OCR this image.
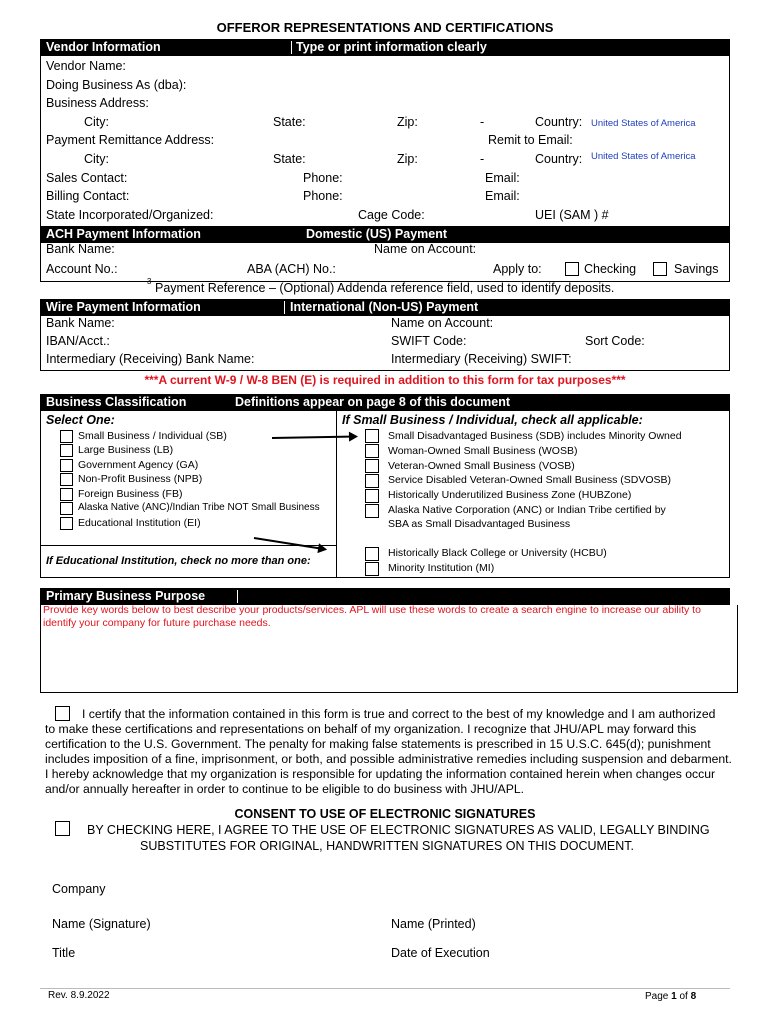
OFFEROR REPRESENTATIONS AND CERTIFICATIONS
Vendor Information	Type or print information clearly
Vendor Name:
Doing Business As (dba):
Business Address:
City:	State:	Zip:	-	Country: United States of America
Payment Remittance Address:	Remit to Email:
City:	State:	Zip:	-	Country: United States of America
Sales Contact:	Phone:	Email:
Billing Contact:	Phone:	Email:
State Incorporated/Organized:	Cage Code:	UEI (SAM ) #
ACH Payment Information	Domestic (US) Payment
Bank Name:	Name on Account:
Account No.:	ABA (ACH) No.:	Apply to:	Checking	Savings
3 Payment Reference – (Optional) Addenda reference field, used to identify deposits.
Wire Payment Information	International (Non-US) Payment
Bank Name:	Name on Account:
IBAN/Acct.:	SWIFT Code:	Sort Code:
Intermediary (Receiving) Bank Name:	Intermediary (Receiving) SWIFT:
***A current W-9 / W-8 BEN (E) is required in addition to this form for tax purposes***
Business Classification	Definitions appear on page 8 of this document
Select One:	If Small Business / Individual, check all applicable:
Small Business / Individual (SB)
Large Business (LB)
Government Agency (GA)
Non-Profit Business (NPB)
Foreign Business (FB)
Alaska Native (ANC)/Indian Tribe NOT Small Business
Educational Institution (EI)
Small Disadvantaged Business (SDB) includes Minority Owned
Woman-Owned Small Business (WOSB)
Veteran-Owned Small Business (VOSB)
Service Disabled Veteran-Owned Small Business (SDVOSB)
Historically Underutilized Business Zone (HUBZone)
Alaska Native Corporation (ANC) or Indian Tribe certified by
SBA as Small Disadvantaged Business
If Educational Institution, check no more than one:
Historically Black College or University (HCBU)
Minority Institution (MI)
Primary Business Purpose
Provide key words below to best describe your products/services. APL will use these words to create a search engine to increase our ability to identify your company for future purchase needs.
I certify that the information contained in this form is true and correct to the best of my knowledge and I am authorized
to make these certifications and representations on behalf of my organization. I recognize that JHU/APL may forward this certification to the U.S. Government. The penalty for making false statements is prescribed in 15 U.S.C. 645(d); punishment includes imposition of a fine, imprisonment, or both, and possible administrative remedies including suspension and debarment. I hereby acknowledge that my organization is responsible for updating the information contained herein when changes occur and/or annually hereafter in order to continue to be eligible to do business with JHU/APL.
CONSENT TO USE OF ELECTRONIC SIGNATURES
BY CHECKING HERE, I AGREE TO THE USE OF ELECTRONIC SIGNATURES AS VALID, LEGALLY BINDING
SUBSTITUTES FOR ORIGINAL, HANDWRITTEN SIGNATURES ON THIS DOCUMENT.
Company
Name (Signature)	Name (Printed)
Title	Date of Execution
Rev. 8.9.2022	Page 1 of 8
